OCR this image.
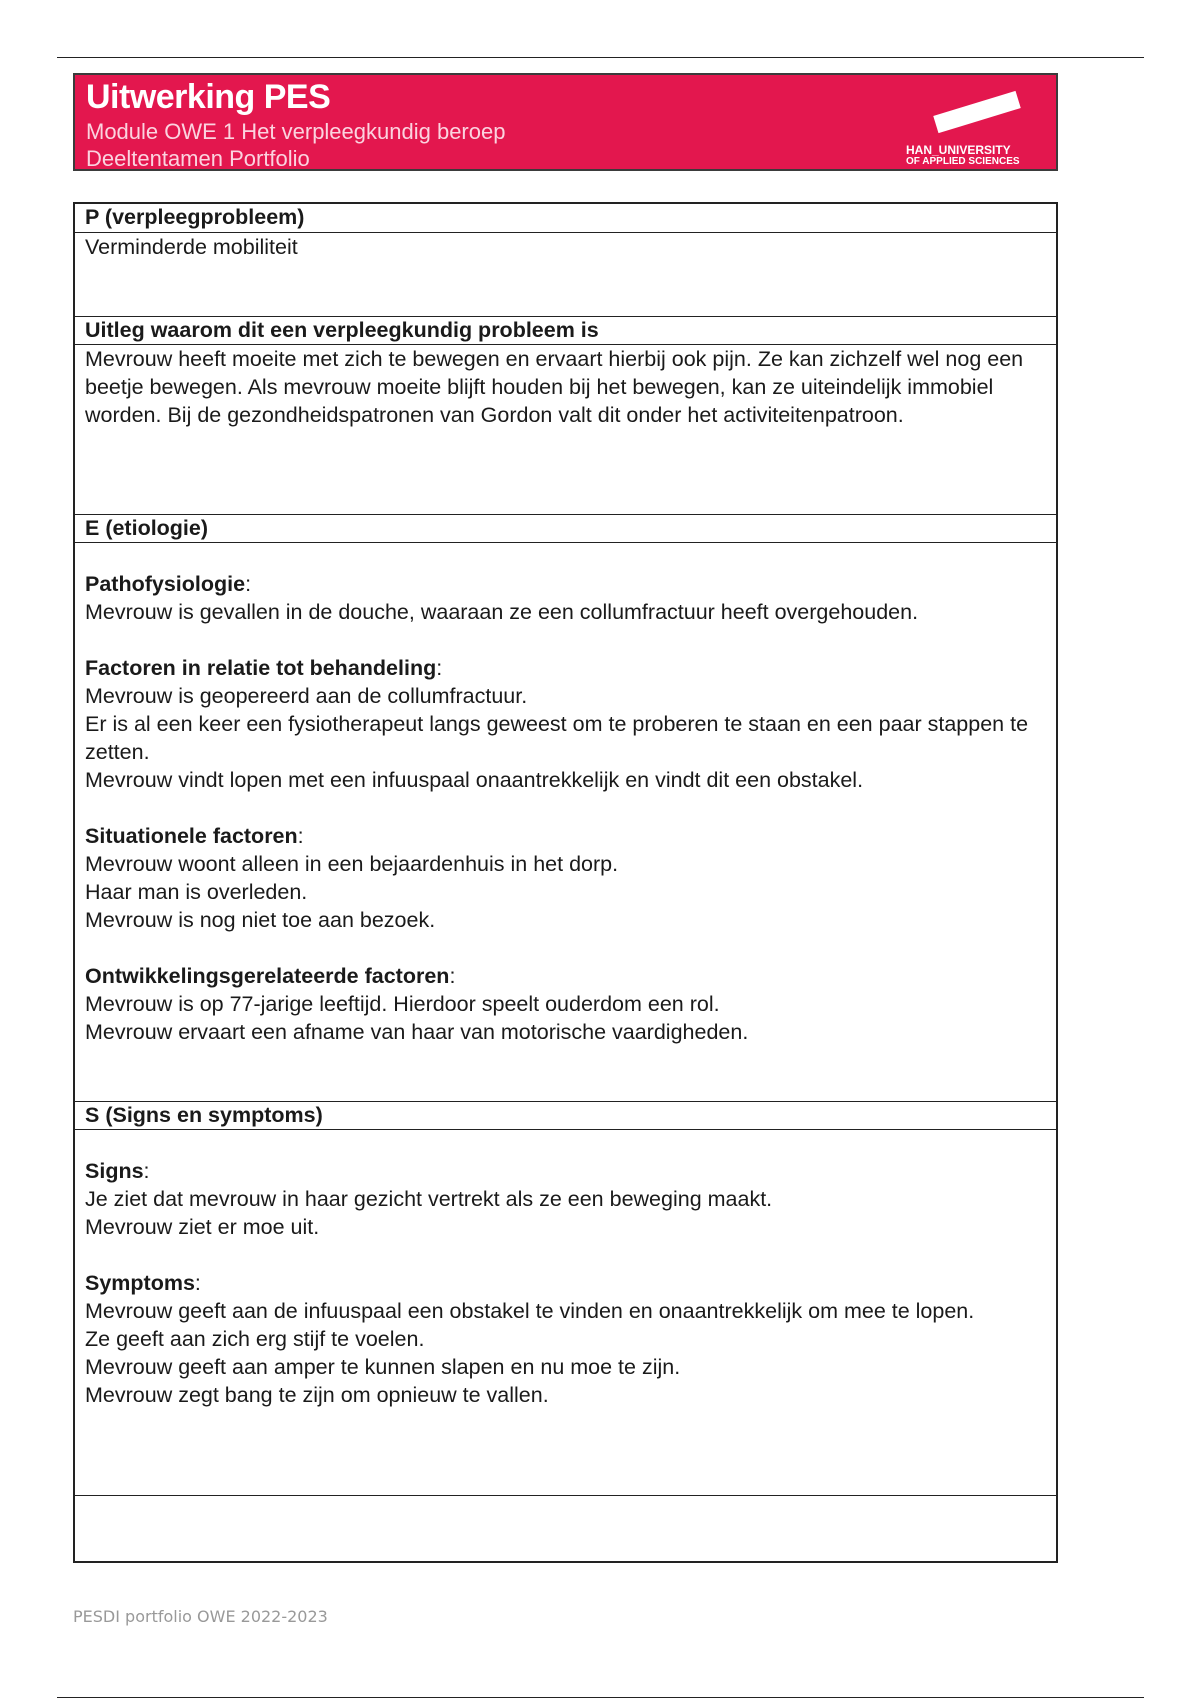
Uitwerking PES
Module OWE 1 Het verpleegkundig beroep
Deeltentamen Portfolio	HAN_UNIVERSITY
OF APPLIED SCIENCES
P (verpleegprobleem)
Verminderde mobiliteit
Uitleg waarom dit een verpleegkundig probleem is
Mevrouw heeft moeite met zich te bewegen en ervaart hierbij ook pijn. Ze kan zichzelf wel nog een beetje bewegen. Als mevrouw moeite blijft houden bij het bewegen, kan ze uiteindelijk immobiel worden. Bij de gezondheidspatronen van Gordon valt dit onder het activiteitenpatroon.
E (etiologie)

Pathofysiologie:

Mevrouw is gevallen in de douche, waaraan ze een collumfractuur heeft overgehouden.

Factoren in relatie tot behandeling:

Mevrouw is geopereerd aan de collumfractuur.

Er is al een keer een fysiotherapeut langs geweest om te proberen te staan en een paar stappen te zetten.

Mevrouw vindt lopen met een infuuspaal onaantrekkelijk en vindt dit een obstakel.

Situationele factoren:

Mevrouw woont alleen in een bejaardenhuis in het dorp.

Haar man is overleden.

Mevrouw is nog niet toe aan bezoek.

Ontwikkelingsgerelateerde factoren:

Mevrouw is op 77-jarige leeftijd. Hierdoor speelt ouderdom een rol.

Mevrouw ervaart een afname van haar van motorische vaardigheden.

S (Signs en symptoms)

Signs:

Je ziet dat mevrouw in haar gezicht vertrekt als ze een beweging maakt.

Mevrouw ziet er moe uit.

Symptoms:

Mevrouw geeft aan de infuuspaal een obstakel te vinden en onaantrekkelijk om mee te lopen.

Ze geeft aan zich erg stijf te voelen.

Mevrouw geeft aan amper te kunnen slapen en nu moe te zijn.

Mevrouw zegt bang te zijn om opnieuw te vallen.

PESDI portfolio OWE 2022-2023
